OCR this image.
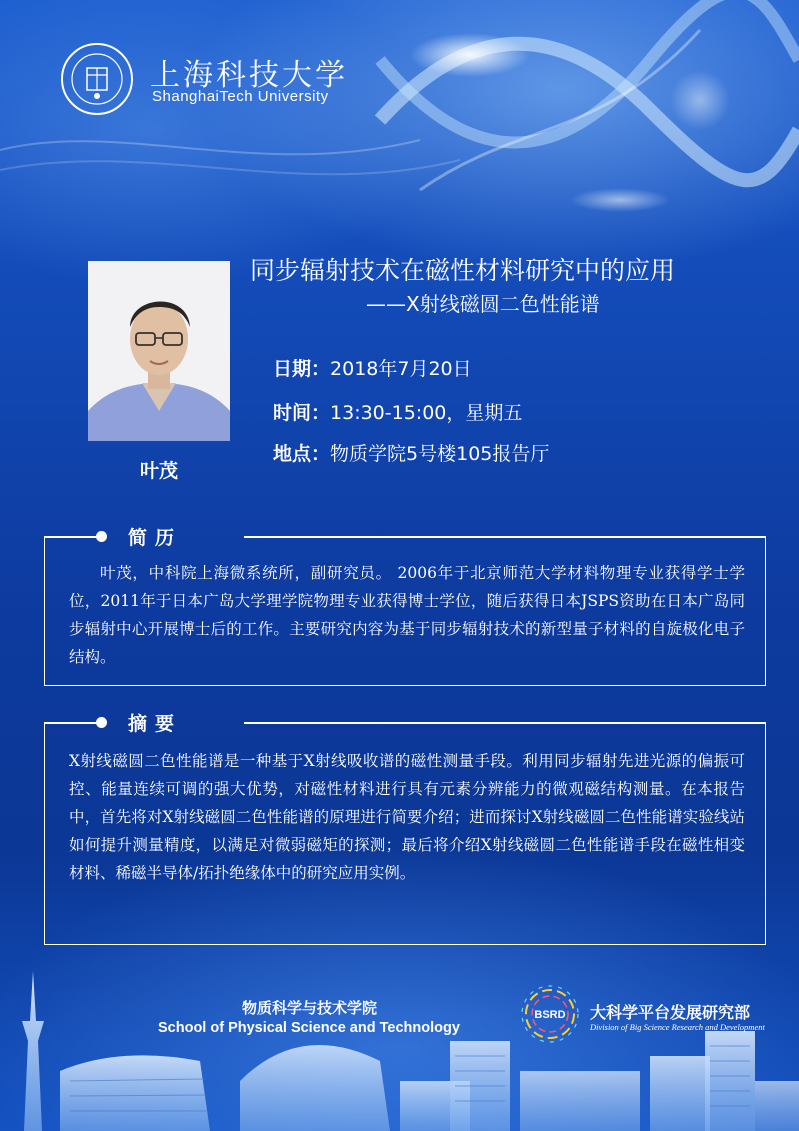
上海科技大学
ShanghaiTech University
叶茂
同步辐射技术在磁性材料研究中的应用
——X射线磁圆二色性能谱
日期：2018年7月20日
时间：13:30-15:00，星期五
地点：物质学院5号楼105报告厅
简历
叶茂，中科院上海微系统所，副研究员。 2006年于北京师范大学材料物理专业获得学士学位，2011年于日本广岛大学理学院物理专业获得博士学位，随后获得日本JSPS资助在日本广岛同步辐射中心开展博士后的工作。主要研究内容为基于同步辐射技术的新型量子材料的自旋极化电子结构。
摘要
X射线磁圆二色性能谱是一种基于X射线吸收谱的磁性测量手段。利用同步辐射先进光源的偏振可控、能量连续可调的强大优势，对磁性材料进行具有元素分辨能力的微观磁结构测量。在本报告中，首先将对X射线磁圆二色性能谱的原理进行简要介绍；进而探讨X射线磁圆二色性能谱实验线站如何提升测量精度，以满足对微弱磁矩的探测；最后将介绍X射线磁圆二色性能谱手段在磁性相变材料、稀磁半导体/拓扑绝缘体中的研究应用实例。
物质科学与技术学院
School of Physical Science and Technology
BSRD 大科学平台发展研究部
Division of Big Science Research and Development
